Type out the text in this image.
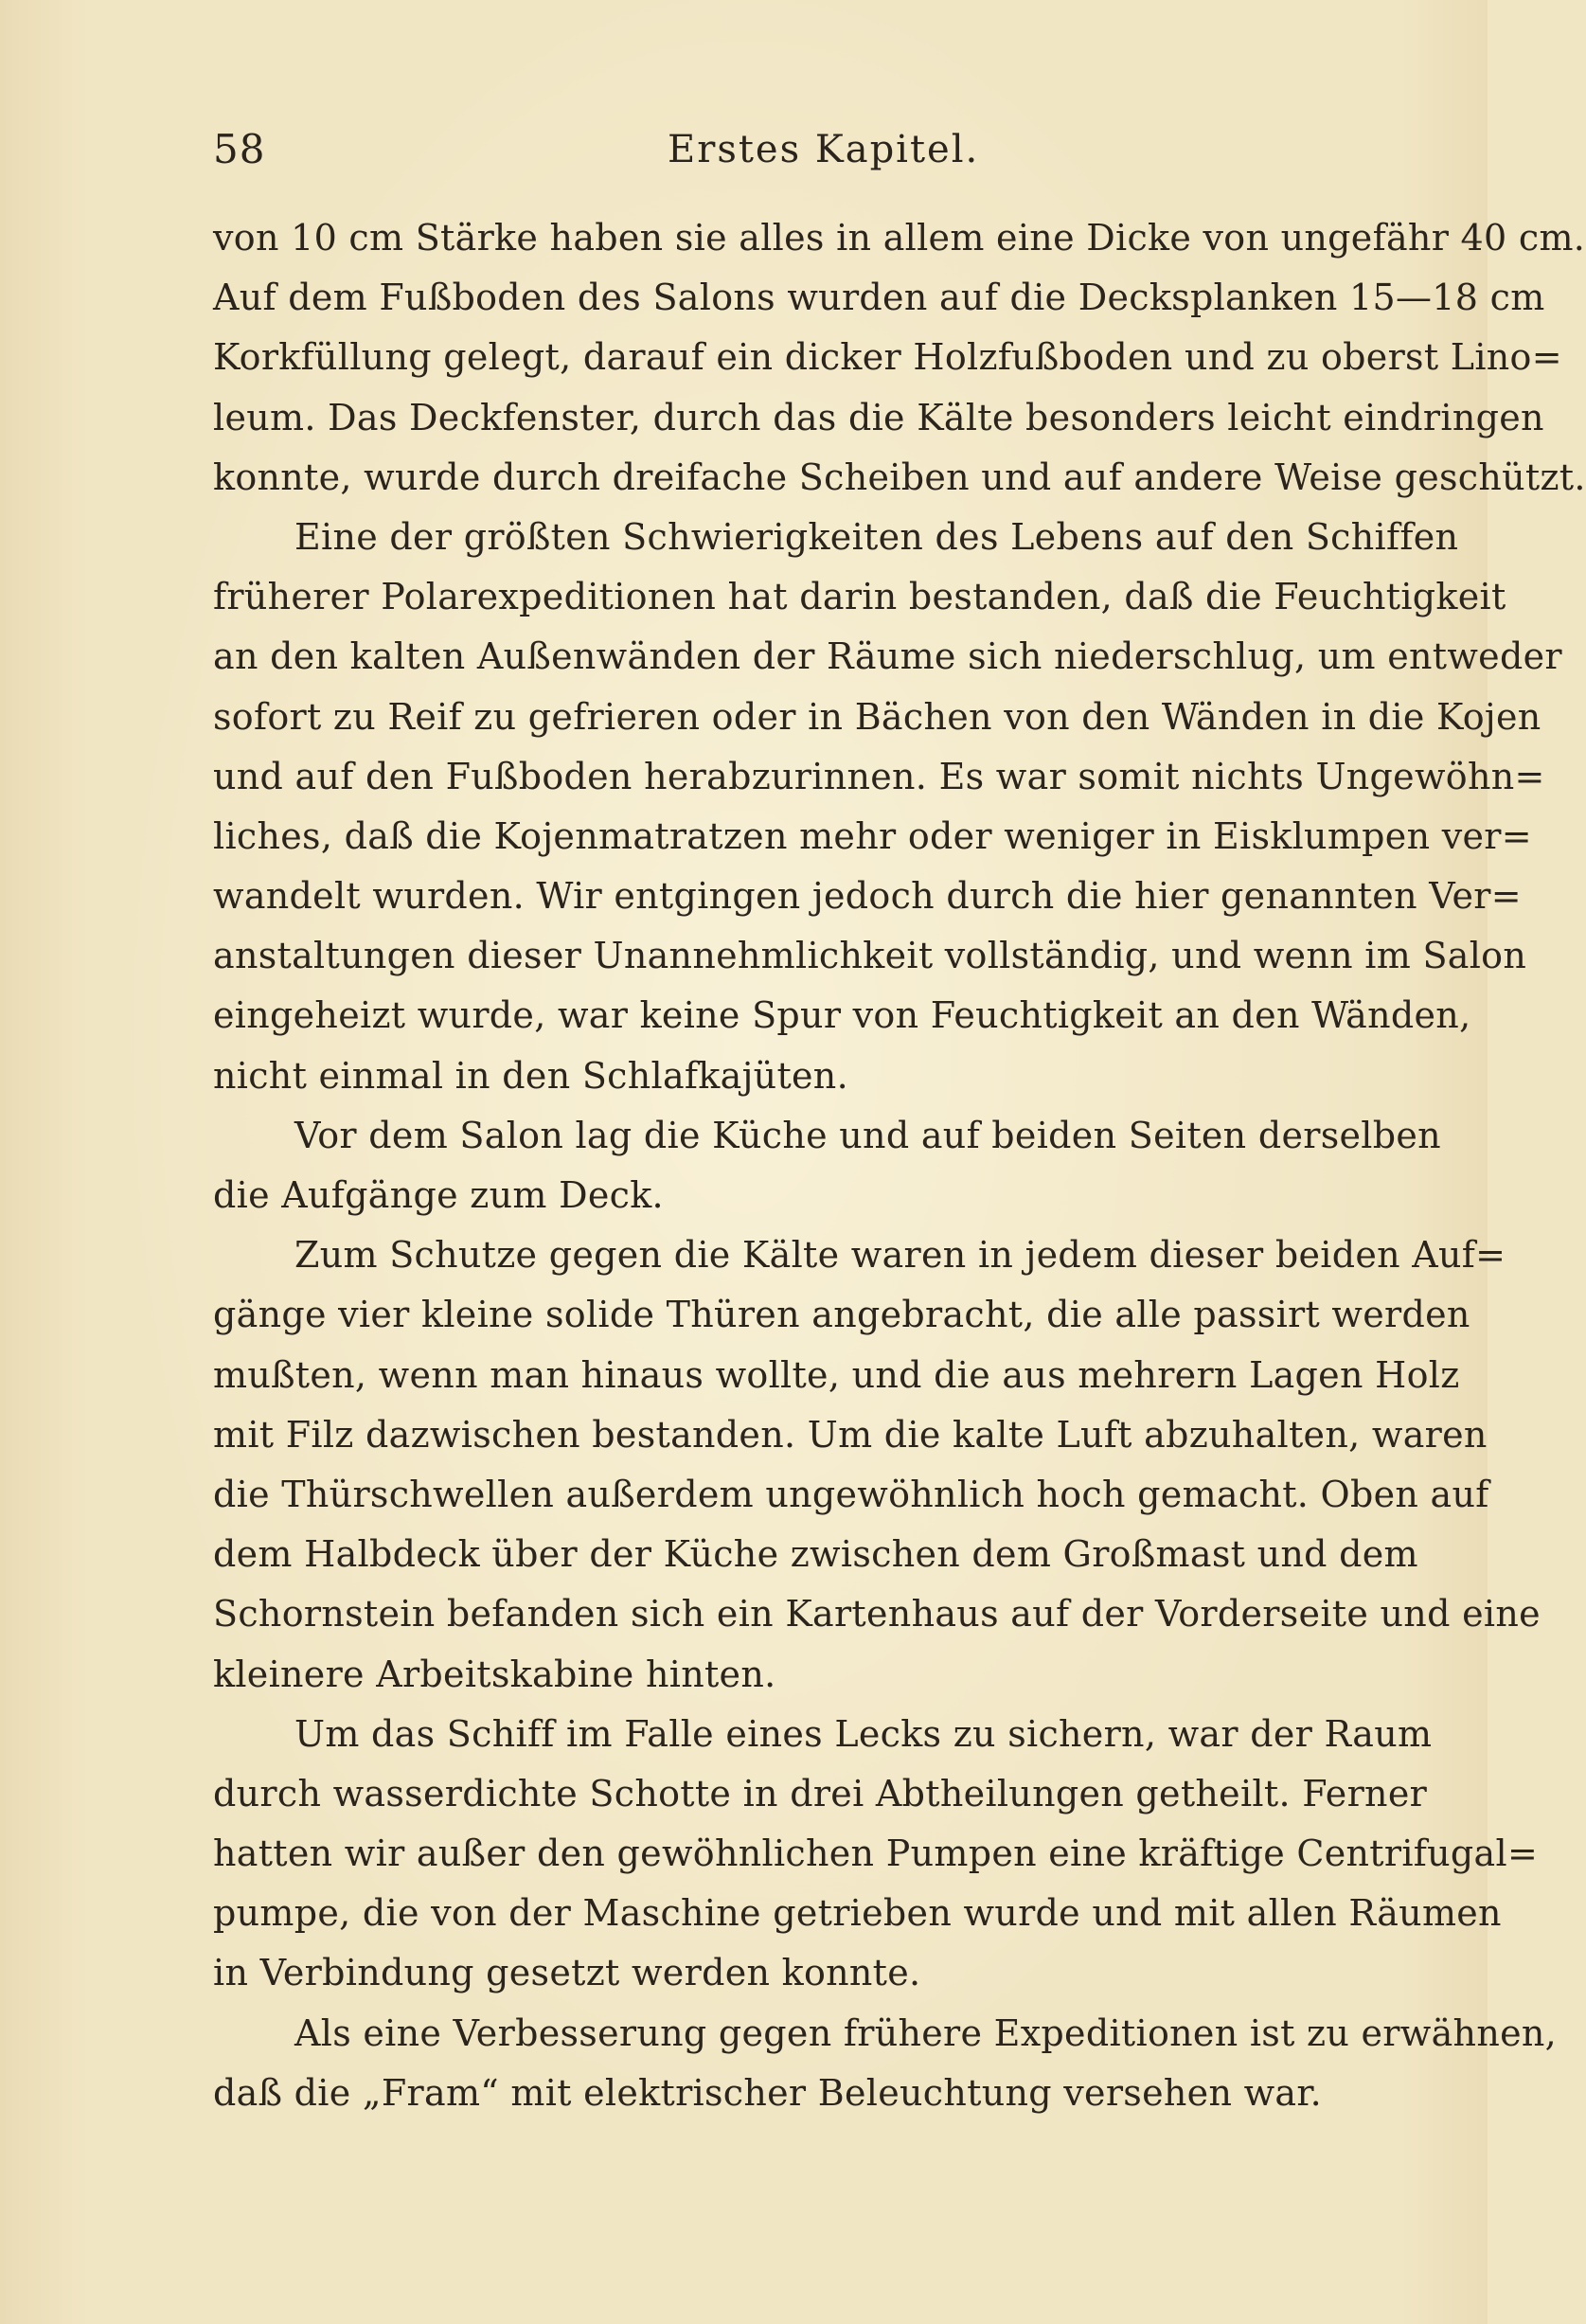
58	Erstes Kapitel.
von 10 cm Stärke haben sie alles in allem eine Dicke von ungefähr 40 cm.
Auf dem Fußboden des Salons wurden auf die Decksplanken 15—18 cm
Korkfüllung gelegt, darauf ein dicker Holzfußboden und zu oberst Lino=
leum. Das Deckfenster, durch das die Kälte besonders leicht eindringen
konnte, wurde durch dreifache Scheiben und auf andere Weise geschützt.
Eine der größten Schwierigkeiten des Lebens auf den Schiffen
früherer Polarexpeditionen hat darin bestanden, daß die Feuchtigkeit
an den kalten Außenwänden der Räume sich niederschlug, um entweder
sofort zu Reif zu gefrieren oder in Bächen von den Wänden in die Kojen
und auf den Fußboden herabzurinnen. Es war somit nichts Ungewöhn=
liches, daß die Kojenmatratzen mehr oder weniger in Eisklumpen ver=
wandelt wurden. Wir entgingen jedoch durch die hier genannten Ver=
anstaltungen dieser Unannehmlichkeit vollständig, und wenn im Salon
eingeheizt wurde, war keine Spur von Feuchtigkeit an den Wänden,
nicht einmal in den Schlafkajüten.
Vor dem Salon lag die Küche und auf beiden Seiten derselben
die Aufgänge zum Deck.
Zum Schutze gegen die Kälte waren in jedem dieser beiden Auf=
gänge vier kleine solide Thüren angebracht, die alle passirt werden
mußten, wenn man hinaus wollte, und die aus mehrern Lagen Holz
mit Filz dazwischen bestanden. Um die kalte Luft abzuhalten, waren
die Thürschwellen außerdem ungewöhnlich hoch gemacht. Oben auf
dem Halbdeck über der Küche zwischen dem Großmast und dem
Schornstein befanden sich ein Kartenhaus auf der Vorderseite und eine
kleinere Arbeitskabine hinten.
Um das Schiff im Falle eines Lecks zu sichern, war der Raum
durch wasserdichte Schotte in drei Abtheilungen getheilt. Ferner
hatten wir außer den gewöhnlichen Pumpen eine kräftige Centrifugal=
pumpe, die von der Maschine getrieben wurde und mit allen Räumen
in Verbindung gesetzt werden konnte.
Als eine Verbesserung gegen frühere Expeditionen ist zu erwähnen,
daß die „Fram“ mit elektrischer Beleuchtung versehen war.
